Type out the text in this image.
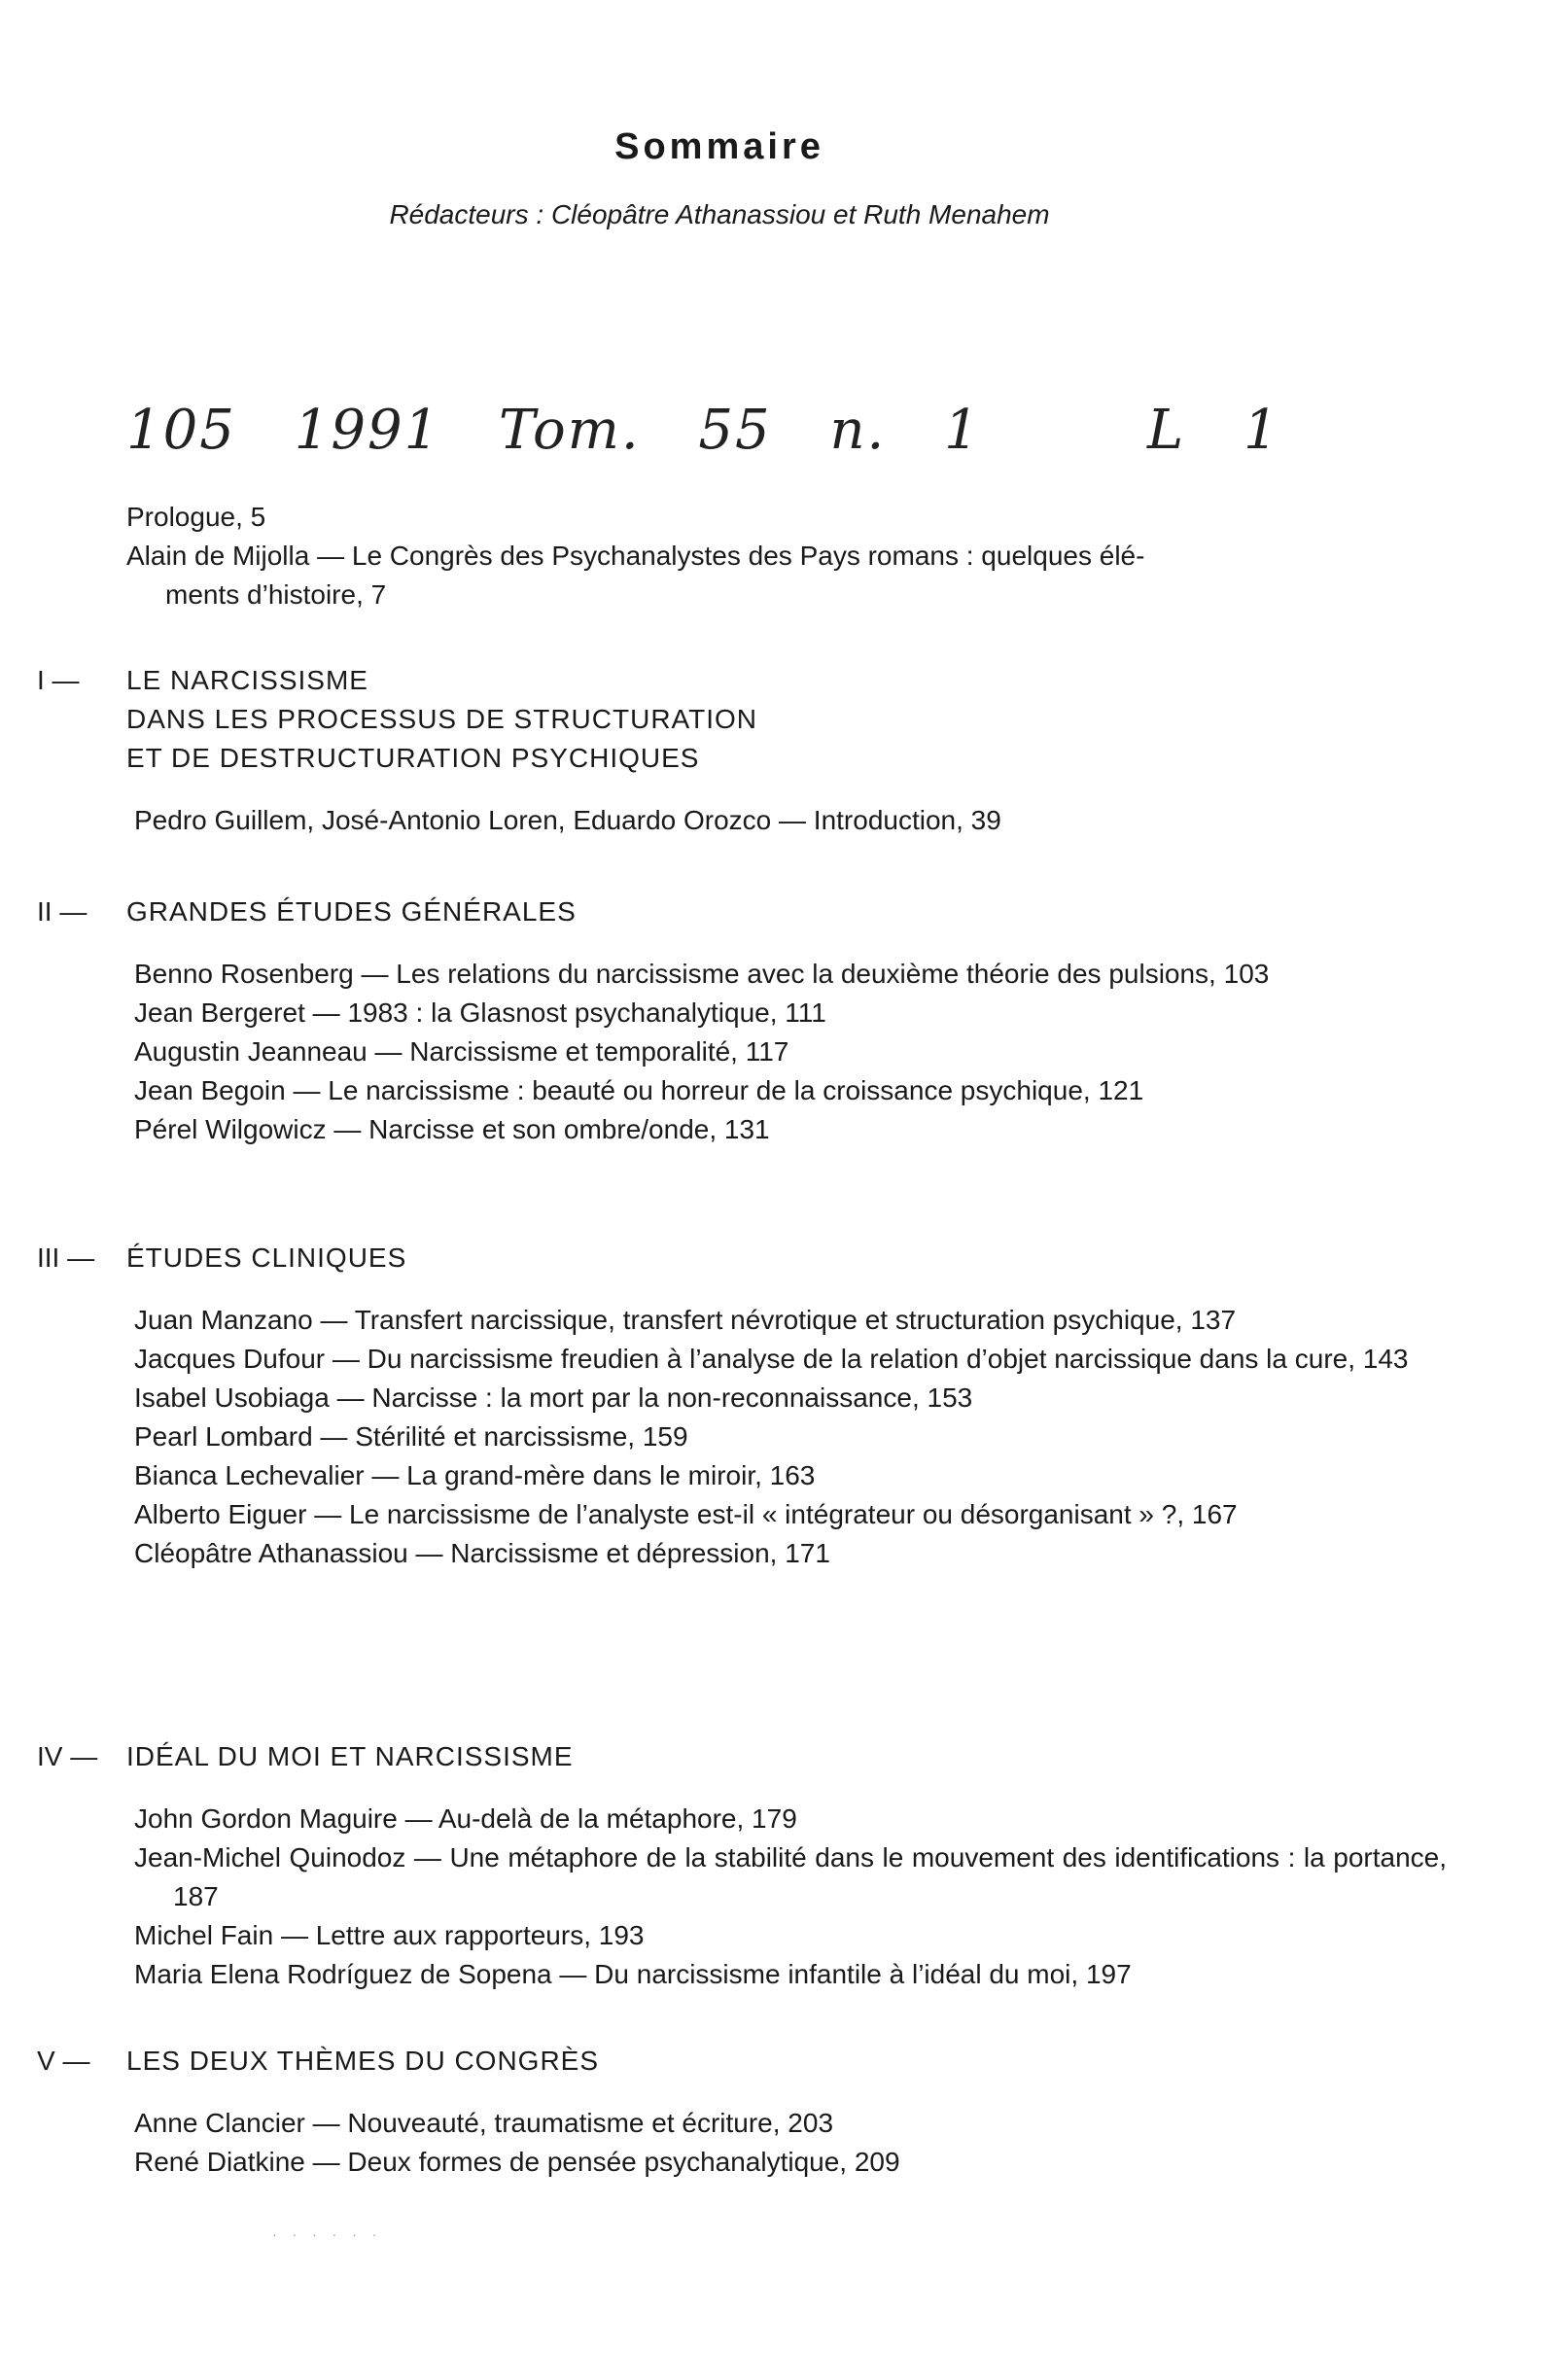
Sommaire
Rédacteurs : Cléopâtre Athanassiou et Ruth Menahem
105 1991 Tom. 55 n. 1	L 1

Prologue, 5

Alain de Mijolla — Le Congrès des Psychanalystes des Pays romans : quelques élé-
ments d’histoire, 7

I —	LE NARCISSISME
DANS LES PROCESSUS DE STRUCTURATION
ET DE DESTRUCTURATION PSYCHIQUES

Pedro Guillem, José-Antonio Loren, Eduardo Orozco — Introduction, 39

II —	GRANDES ÉTUDES GÉNÉRALES

Benno Rosenberg — Les relations du narcissisme avec la deuxième théorie des pulsions, 103

Jean Bergeret — 1983 : la Glasnost psychanalytique, 111

Augustin Jeanneau — Narcissisme et temporalité, 117

Jean Begoin — Le narcissisme : beauté ou horreur de la croissance psychique, 121

Pérel Wilgowicz — Narcisse et son ombre/onde, 131

III —	ÉTUDES CLINIQUES

Juan Manzano — Transfert narcissique, transfert névrotique et structuration psychique, 137

Jacques Dufour — Du narcissisme freudien à l’analyse de la relation d’objet narcissique dans la cure, 143

Isabel Usobiaga — Narcisse : la mort par la non-reconnaissance, 153

Pearl Lombard — Stérilité et narcissisme, 159

Bianca Lechevalier — La grand-mère dans le miroir, 163

Alberto Eiguer — Le narcissisme de l’analyste est-il « intégrateur ou désorganisant » ?, 167

Cléopâtre Athanassiou — Narcissisme et dépression, 171

IV —	IDÉAL DU MOI ET NARCISSISME

John Gordon Maguire — Au-delà de la métaphore, 179

Jean-Michel Quinodoz — Une métaphore de la stabilité dans le mouvement des identifications : la portance, 187

Michel Fain — Lettre aux rapporteurs, 193

Maria Elena Rodríguez de Sopena — Du narcissisme infantile à l’idéal du moi, 197

V —	LES DEUX THÈMES DU CONGRÈS

Anne Clancier — Nouveauté, traumatisme et écriture, 203

René Diatkine — Deux formes de pensée psychanalytique, 209

· · · · · ·
